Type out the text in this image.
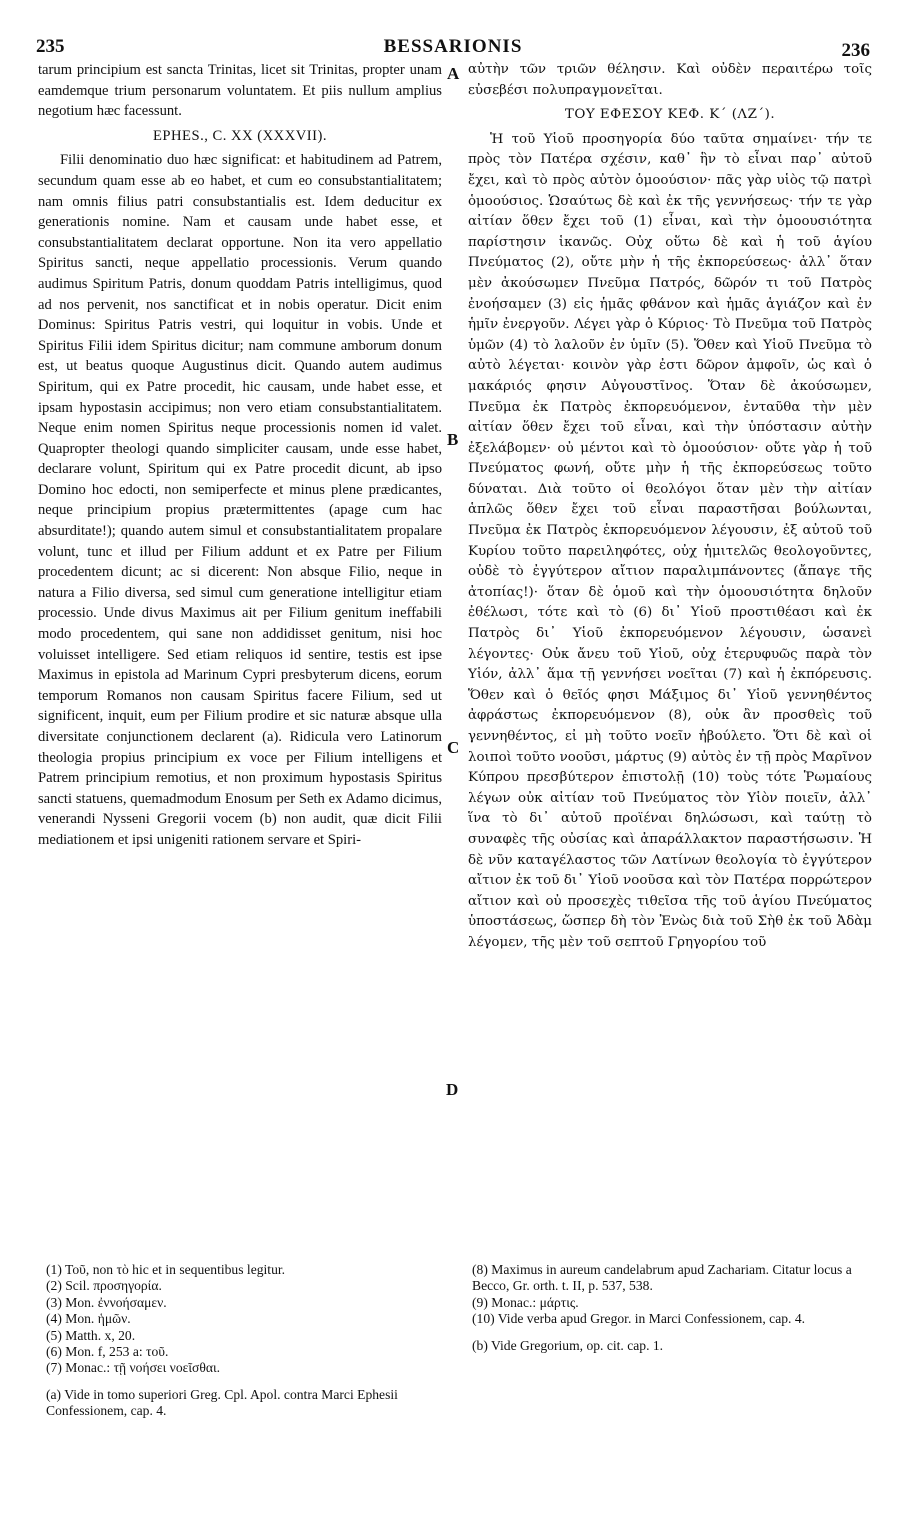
235	BESSARIONIS	236

tarum principium est sancta Trinitas, licet sit Trinitas, propter unam eamdemque trium personarum voluntatem. Et piis nullum amplius negotium hæc facessunt.

EPHES., C. XX (XXXVII).

Filii denominatio duo hæc significat: et habitudinem ad Patrem, secundum quam esse ab eo habet, et cum eo consubstantialitatem; nam omnis filius patri consubstantialis est. Idem deducitur ex generationis nomine. Nam et causam unde habet esse, et consubstantialitatem declarat opportune. Non ita vero appellatio Spiritus sancti, neque appellatio processionis. Verum quando audimus Spiritum Patris, donum quoddam Patris intelligimus, quod ad nos pervenit, nos sanctificat et in nobis operatur. Dicit enim Dominus: Spiritus Patris vestri, qui loquitur in vobis. Unde et Spiritus Filii idem Spiritus dicitur; nam commune amborum donum est, ut beatus quoque Augustinus dicit. Quando autem audimus Spiritum, qui ex Patre procedit, hic causam, unde habet esse, et ipsam hypostasin accipimus; non vero etiam consubstantialitatem. Neque enim nomen Spiritus neque processionis nomen id valet. Quapropter theologi quando simpliciter causam, unde esse habet, declarare volunt, Spiritum qui ex Patre procedit dicunt, ab ipso Domino hoc edocti, non semiperfecte et minus plene prædicantes, neque principium propius prætermittentes (apage cum hac absurditate!); quando autem simul et consubstantialitatem propalare volunt, tunc et illud per Filium addunt et ex Patre per Filium procedentem dicunt; ac si dicerent: Non absque Filio, neque in natura a Filio diversa, sed simul cum generatione intelligitur etiam processio. Unde divus Maximus ait per Filium genitum ineffabili modo procedentem, qui sane non addidisset genitum, nisi hoc voluisset intelligere. Sed etiam reliquos id sentire, testis est ipse Maximus in epistola ad Marinum Cypri presbyterum dicens, eorum temporum Romanos non causam Spiritus facere Filium, sed ut significent, inquit, eum per Filium prodire et sic naturæ absque ulla diversitate conjunctionem declarent (a). Ridicula vero Latinorum theologia propius principium ex voce per Filium intelligens et Patrem principium remotius, et non proximum hypostasis Spiritus sancti statuens, quemadmodum Enosum per Seth ex Adamo dicimus, venerandi Nysseni Gregorii vocem (b) non audit, quæ dicit Filii mediationem et ipsi unigeniti rationem servare et Spiri-

αὐτὴν τῶν τριῶν θέλησιν. Καὶ οὐδὲν περαιτέρω τοῖς εὐσεβέσι πολυπραγμονεῖται.

ΤΟΥ ΕΦΕΣΟΥ ΚΕΦ. Κ΄ (ΛΖ΄).

Ἡ τοῦ Υἱοῦ προσηγορία δύο ταῦτα σημαίνει· τήν τε πρὸς τὸν Πατέρα σχέσιν, καθ᾽ ἣν τὸ εἶναι παρ᾽ αὐτοῦ ἔχει, καὶ τὸ πρὸς αὐτὸν ὁμοούσιον· πᾶς γὰρ υἱὸς τῷ πατρὶ ὁμοούσιος. Ὡσαύτως δὲ καὶ ἐκ τῆς γεννήσεως· τήν τε γὰρ αἰτίαν ὅθεν ἔχει τοῦ (1) εἶναι, καὶ τὴν ὁμοουσιότητα παρίστησιν ἱκανῶς. Οὐχ οὕτω δὲ καὶ ἡ τοῦ ἁγίου Πνεύματος (2), οὔτε μὴν ἡ τῆς ἐκπορεύσεως· ἀλλ᾽ ὅταν μὲν ἀκούσωμεν Πνεῦμα Πατρός, δῶρόν τι τοῦ Πατρὸς ἐνοήσαμεν (3) εἰς ἡμᾶς φθάνον καὶ ἡμᾶς ἁγιάζον καὶ ἐν ἡμῖν ἐνεργοῦν. Λέγει γὰρ ὁ Κύριος· Τὸ Πνεῦμα τοῦ Πατρὸς ὑμῶν (4) τὸ λαλοῦν ἐν ὑμῖν (5). Ὅθεν καὶ Υἱοῦ Πνεῦμα τὸ αὐτὸ λέγεται· κοινὸν γὰρ ἐστι δῶρον ἀμφοῖν, ὡς καὶ ὁ μακάριός φησιν Αὐγουστῖνος. Ὅταν δὲ ἀκούσωμεν, Πνεῦμα ἐκ Πατρὸς ἐκπορευόμενον, ἐνταῦθα τὴν μὲν αἰτίαν ὅθεν ἔχει τοῦ εἶναι, καὶ τὴν ὑπόστασιν αὐτὴν ἐξελάβομεν· οὐ μέντοι καὶ τὸ ὁμοούσιον· οὔτε γὰρ ἡ τοῦ Πνεύματος φωνή, οὔτε μὴν ἡ τῆς ἐκπορεύσεως τοῦτο δύναται. Διὰ τοῦτο οἱ θεολόγοι ὅταν μὲν τὴν αἰτίαν ἁπλῶς ὅθεν ἔχει τοῦ εἶναι παραστῆσαι βούλωνται, Πνεῦμα ἐκ Πατρὸς ἐκπορευόμενον λέγουσιν, ἐξ αὐτοῦ τοῦ Κυρίου τοῦτο παρειληφότες, οὐχ ἡμιτελῶς θεολογοῦντες, οὐδὲ τὸ ἐγγύτερον αἴτιον παραλιμπάνοντες (ἄπαγε τῆς ἀτοπίας!)· ὅταν δὲ ὁμοῦ καὶ τὴν ὁμοουσιότητα δηλοῦν ἐθέλωσι, τότε καὶ τὸ (6) δι᾽ Υἱοῦ προστιθέασι καὶ ἐκ Πατρὸς δι᾽ Υἱοῦ ἐκπορευόμενον λέγουσιν, ὡσανεὶ λέγοντες· Οὐκ ἄνευ τοῦ Υἱοῦ, οὐχ ἑτερυφυῶς παρὰ τὸν Υἱόν, ἀλλ᾽ ἅμα τῇ γεννήσει νοεῖται (7) καὶ ἡ ἐκπόρευσις. Ὅθεν καὶ ὁ θεῖός φησι Μάξιμος δι᾽ Υἱοῦ γεννηθέντος ἀφράστως ἐκπορευόμενον (8), οὐκ ἂν προσθεὶς τοῦ γεννηθέντος, εἰ μὴ τοῦτο νοεῖν ἠβούλετο. Ὅτι δὲ καὶ οἱ λοιποὶ τοῦτο νοοῦσι, μάρτυς (9) αὐτὸς ἐν τῇ πρὸς Μαρῖνον Κύπρου πρεσβύτερον ἐπιστολῇ (10) τοὺς τότε Ῥωμαίους λέγων οὐκ αἰτίαν τοῦ Πνεύματος τὸν Υἱὸν ποιεῖν, ἀλλ᾽ ἵνα τὸ δι᾽ αὐτοῦ προϊέναι δηλώσωσι, καὶ ταύτῃ τὸ συναφὲς τῆς οὐσίας καὶ ἀπαράλλακτον παραστήσωσιν. Ἡ δὲ νῦν καταγέλαστος τῶν Λατίνων θεολογία τὸ ἐγγύτερον αἴτιον ἐκ τοῦ δι᾽ Υἱοῦ νοοῦσα καὶ τὸν Πατέρα πορρώτερον αἴτιον καὶ οὐ προσεχὲς τιθεῖσα τῆς τοῦ ἁγίου Πνεύματος ὑποστάσεως, ὥσπερ δὴ τὸν Ἐνὼς διὰ τοῦ Σὴθ ἐκ τοῦ Ἀδὰμ λέγομεν, τῆς μὲν τοῦ σεπτοῦ Γρηγορίου τοῦ

A
B
C
D

(1) Τοῦ, non τὸ hic et in sequentibus legitur.

(2) Scil. προσηγορία.

(3) Mon. ἐννοήσαμεν.

(4) Mon. ἡμῶν.

(5) Matth. x, 20.

(6) Mon. f, 253 a: τοῦ.

(7) Monac.: τῇ νοήσει νοεῖσθαι.

(a) Vide in tomo superiori Greg. Cpl. Apol. contra Marci Ephesii Confessionem, cap. 4.

(8) Maximus in aureum candelabrum apud Zachariam. Citatur locus a Becco, Gr. orth. t. II, p. 537, 538.

(9) Monac.: μάρτις.

(10) Vide verba apud Gregor. in Marci Confessionem, cap. 4.

(b) Vide Gregorium, op. cit. cap. 1.
